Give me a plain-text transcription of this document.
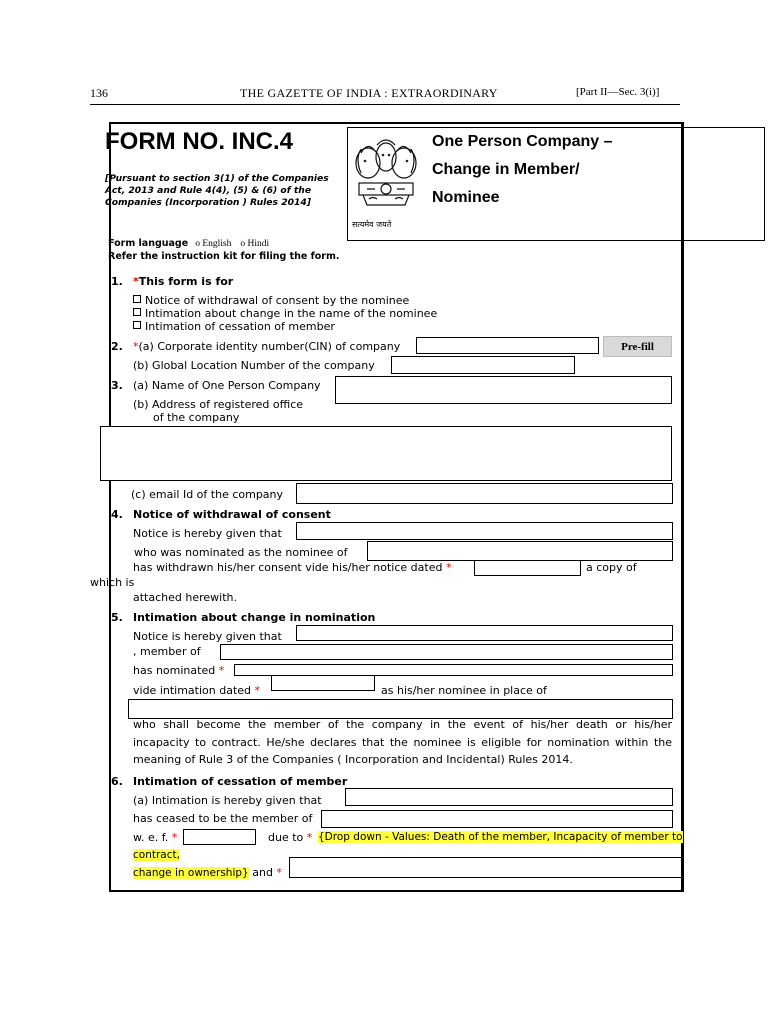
136	THE GAZETTE OF INDIA : EXTRAORDINARY	[Part II—Sec. 3(i)]
FORM NO. INC.4
[Pursuant to section 3(1) of the Companies Act, 2013 and Rule 4(4), (5) & (6) of the Companies (Incorporation ) Rules 2014]
सत्यमेव जयते
One Person Company –
Change in Member/
Nominee
Form language o English o Hindi
Refer the instruction kit for filing the form.
1. *This form is for
Notice of withdrawal of consent by the nominee
Intimation about change in the name of the nominee
Intimation of cessation of member
2. *(a) Corporate identity number(CIN) of company	Pre-fill
(b) Global Location Number of the company
3. (a) Name of One Person Company
(b) Address of registered office
of the company
(c) email Id of the company
4. Notice of withdrawal of consent
Notice is hereby given that
who was nominated as the nominee of
has withdrawn his/her consent vide his/her notice dated *	a copy of
which is
attached herewith.
5. Intimation about change in nomination
Notice is hereby given that
, member of
has nominated *
vide intimation dated *	as his/her nominee in place of
who shall become the member of the company in the event of his/her death or his/her
incapacity to contract. He/she declares that the nominee is eligible for nomination within the
meaning of Rule 3 of the Companies ( Incorporation and Incidental) Rules 2014.
6. Intimation of cessation of member
(a) Intimation is hereby given that
has ceased to be the member of
w. e. f. *	due to * {Drop down - Values: Death of the member, Incapacity of member to
contract,
change in ownership} and *
